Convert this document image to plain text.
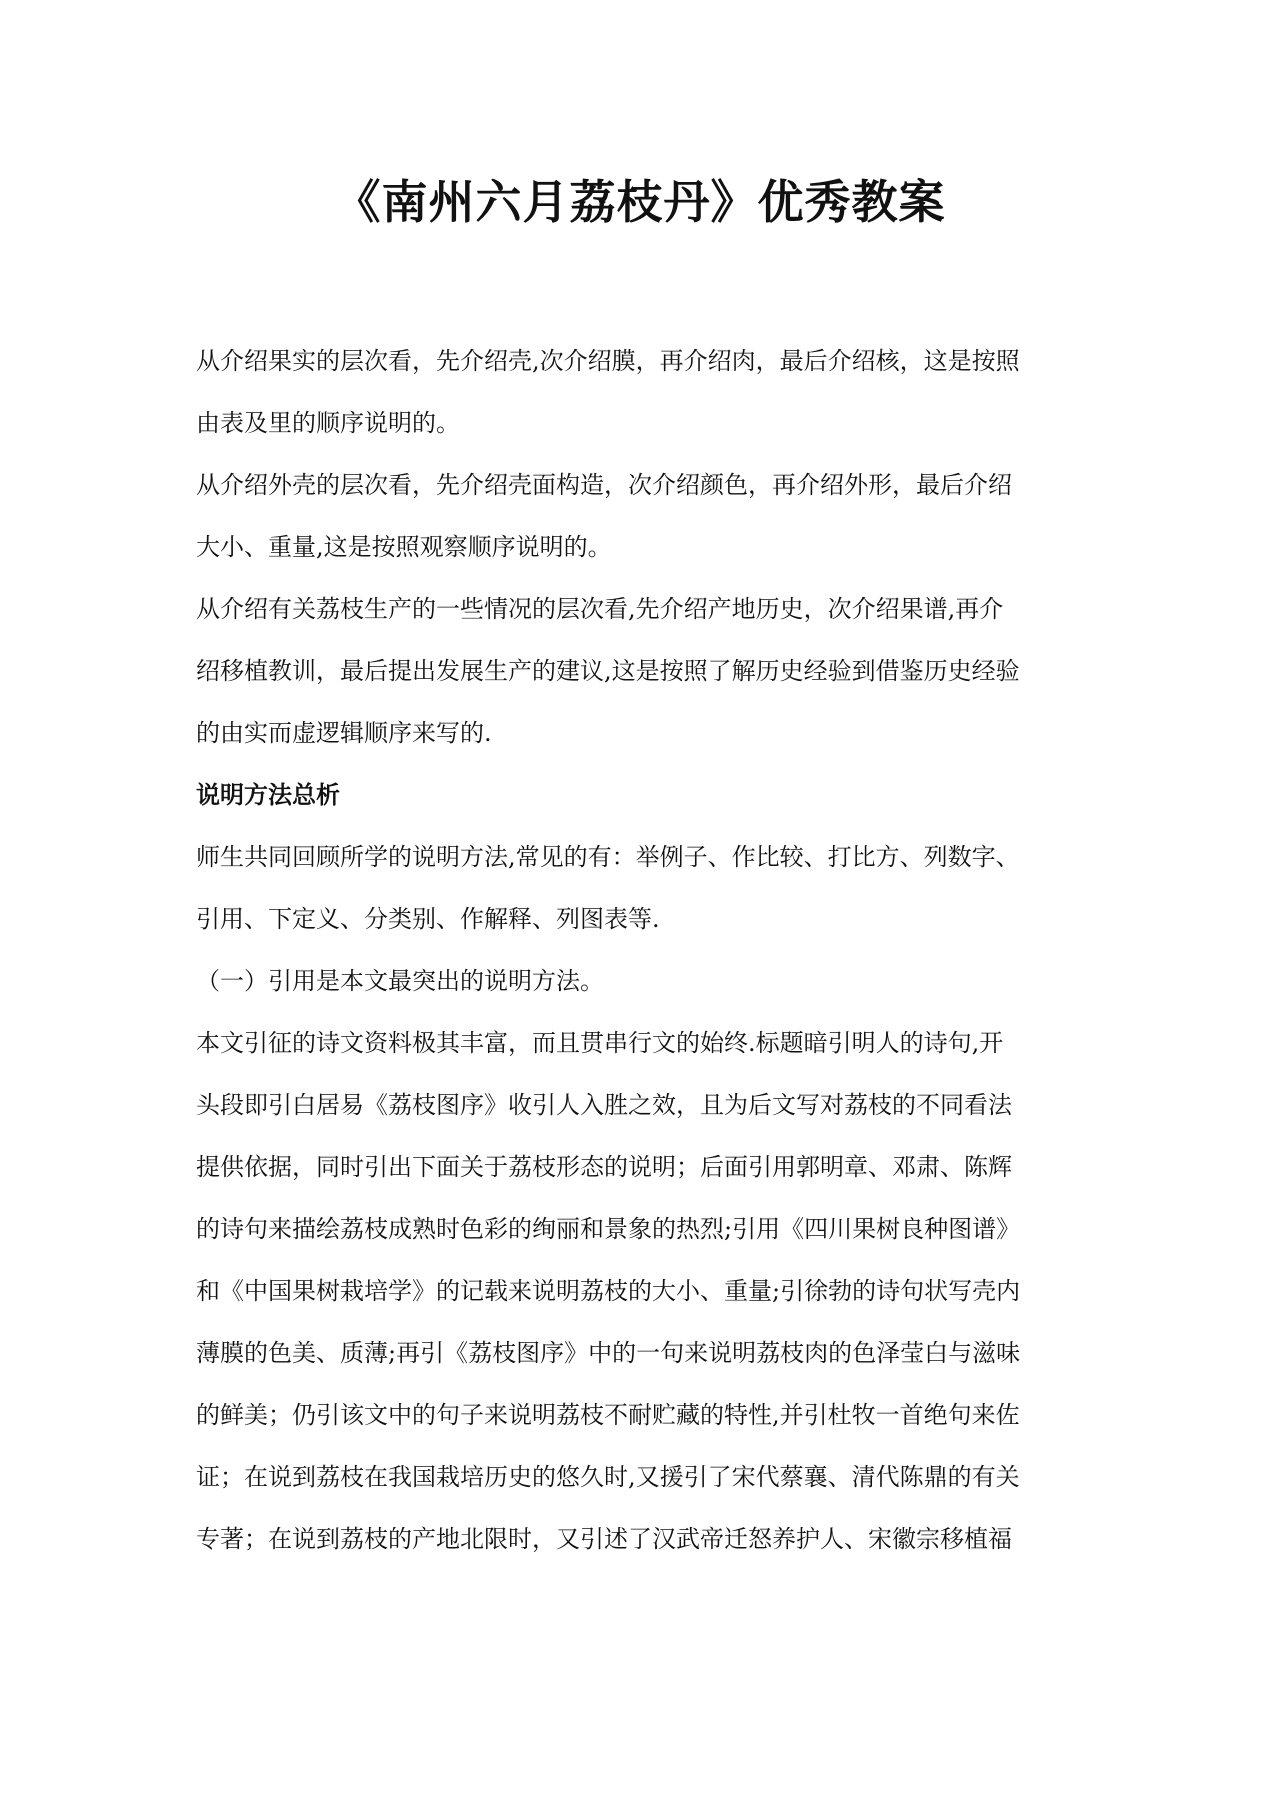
《南州六月荔枝丹》优秀教案
从介绍果实的层次看，先介绍壳,次介绍膜，再介绍肉，最后介绍核，这是按照
由表及里的顺序说明的。
从介绍外壳的层次看，先介绍壳面构造，次介绍颜色，再介绍外形，最后介绍
大小、重量,这是按照观察顺序说明的。
从介绍有关荔枝生产的一些情况的层次看,先介绍产地历史，次介绍果谱,再介
绍移植教训，最后提出发展生产的建议,这是按照了解历史经验到借鉴历史经验
的由实而虚逻辑顺序来写的.
说明方法总析
师生共同回顾所学的说明方法,常见的有：举例子、作比较、打比方、列数字、
引用、下定义、分类别、作解释、列图表等.
（一）引用是本文最突出的说明方法。
本文引征的诗文资料极其丰富，而且贯串行文的始终.标题暗引明人的诗句,开
头段即引白居易《荔枝图序》收引人入胜之效，且为后文写对荔枝的不同看法
提供依据，同时引出下面关于荔枝形态的说明；后面引用郭明章、邓肃、陈辉
的诗句来描绘荔枝成熟时色彩的绚丽和景象的热烈;引用《四川果树良种图谱》
和《中国果树栽培学》的记载来说明荔枝的大小、重量;引徐勃的诗句状写壳内
薄膜的色美、质薄;再引《荔枝图序》中的一句来说明荔枝肉的色泽莹白与滋味
的鲜美；仍引该文中的句子来说明荔枝不耐贮藏的特性,并引杜牧一首绝句来佐
证；在说到荔枝在我国栽培历史的悠久时,又援引了宋代蔡襄、清代陈鼎的有关
专著；在说到荔枝的产地北限时，又引述了汉武帝迁怒养护人、宋徽宗移植福
